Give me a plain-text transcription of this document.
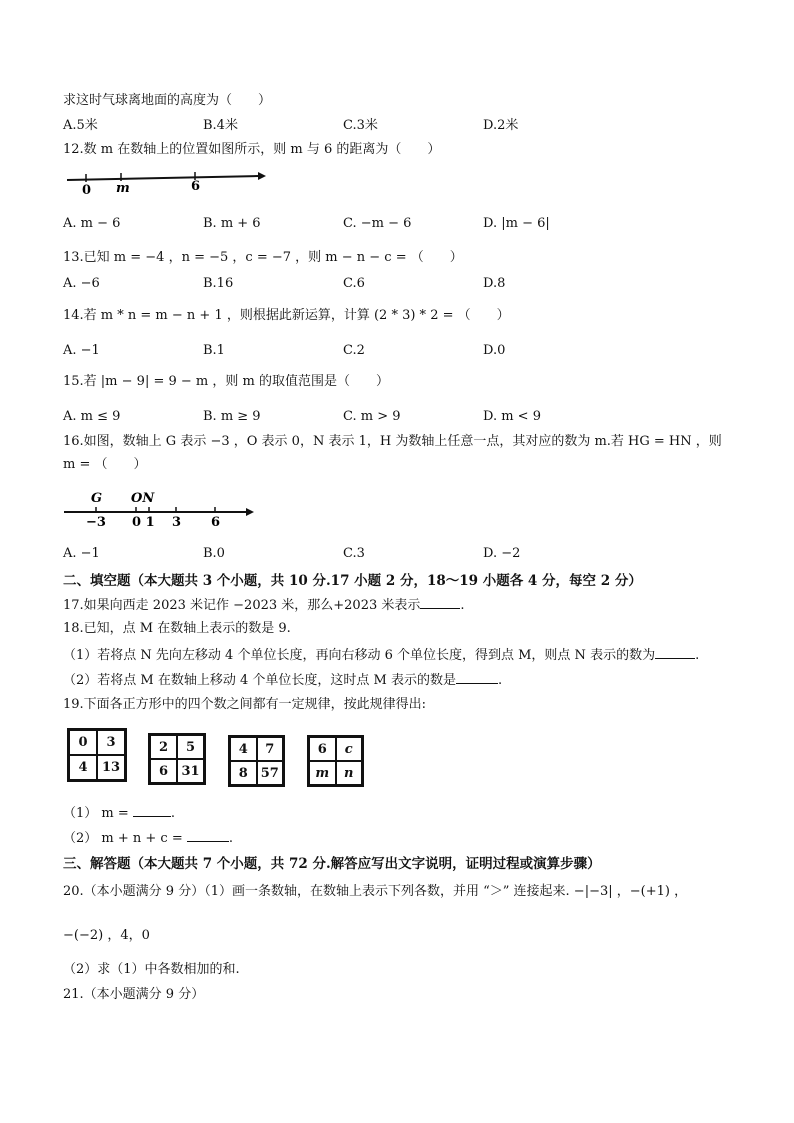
求这时气球离地面的高度为（　　）
A.5米	B.4米	C.3米	D.2米
12.数 m 在数轴上的位置如图所示，则 m 与 6 的距离为（　　）
0 m	6
A. m − 6	B. m + 6	C. −m − 6	D. |m − 6|
13.已知 m = −4 ，n = −5 ，c = −7 ，则 m − n − c = （　　）
A. −6	B.16	C.6	D.8
14.若 m * n = m − n + 1 ，则根据此新运算，计算 (2 * 3) * 2 = （　　）
A. −1	B.1	C.2	D.0
15.若 |m − 9| = 9 − m ，则 m 的取值范围是（　　）
A. m ≤ 9	B. m ≥ 9	C. m > 9	D. m < 9
16.如图，数轴上 G 表示 −3 ，O 表示 0，N 表示 1，H 为数轴上任意一点，其对应的数为 m.若 HG = HN ，则
m = （　　）
G ON
−3 0 1 3 6
A. −1	B.0	C.3	D. −2
二、填空题（本大题共 3 个小题，共 10 分.17 小题 2 分，18～19 小题各 4 分，每空 2 分）
17.如果向西走 2023 米记作 −2023 米，那么+2023 米表示	.
18.已知，点 M 在数轴上表示的数是 9.
（1）若将点 N 先向左移动 4 个单位长度，再向右移动 6 个单位长度，得到点 M，则点 N 表示的数为	.
（2）若将点 M 在数轴上移动 4 个单位长度，这时点 M 表示的数是	.
19.下面各正方形中的四个数之间都有一定规律，按此规律得出:
0	3
4	13
2	5
6	31
4	7
8 57
6	c
m	n
（1） m =	.
（2） m + n + c =	.
三、解答题（本大题共 7 个小题，共 72 分.解答应写出文字说明，证明过程或演算步骤）
20.（本小题满分 9 分）（1）画一条数轴，在数轴上表示下列各数，并用 “＞” 连接起来. −|−3| ，−(+1) ，
−(−2) ，4，0
（2）求（1）中各数相加的和.
21.（本小题满分 9 分）
